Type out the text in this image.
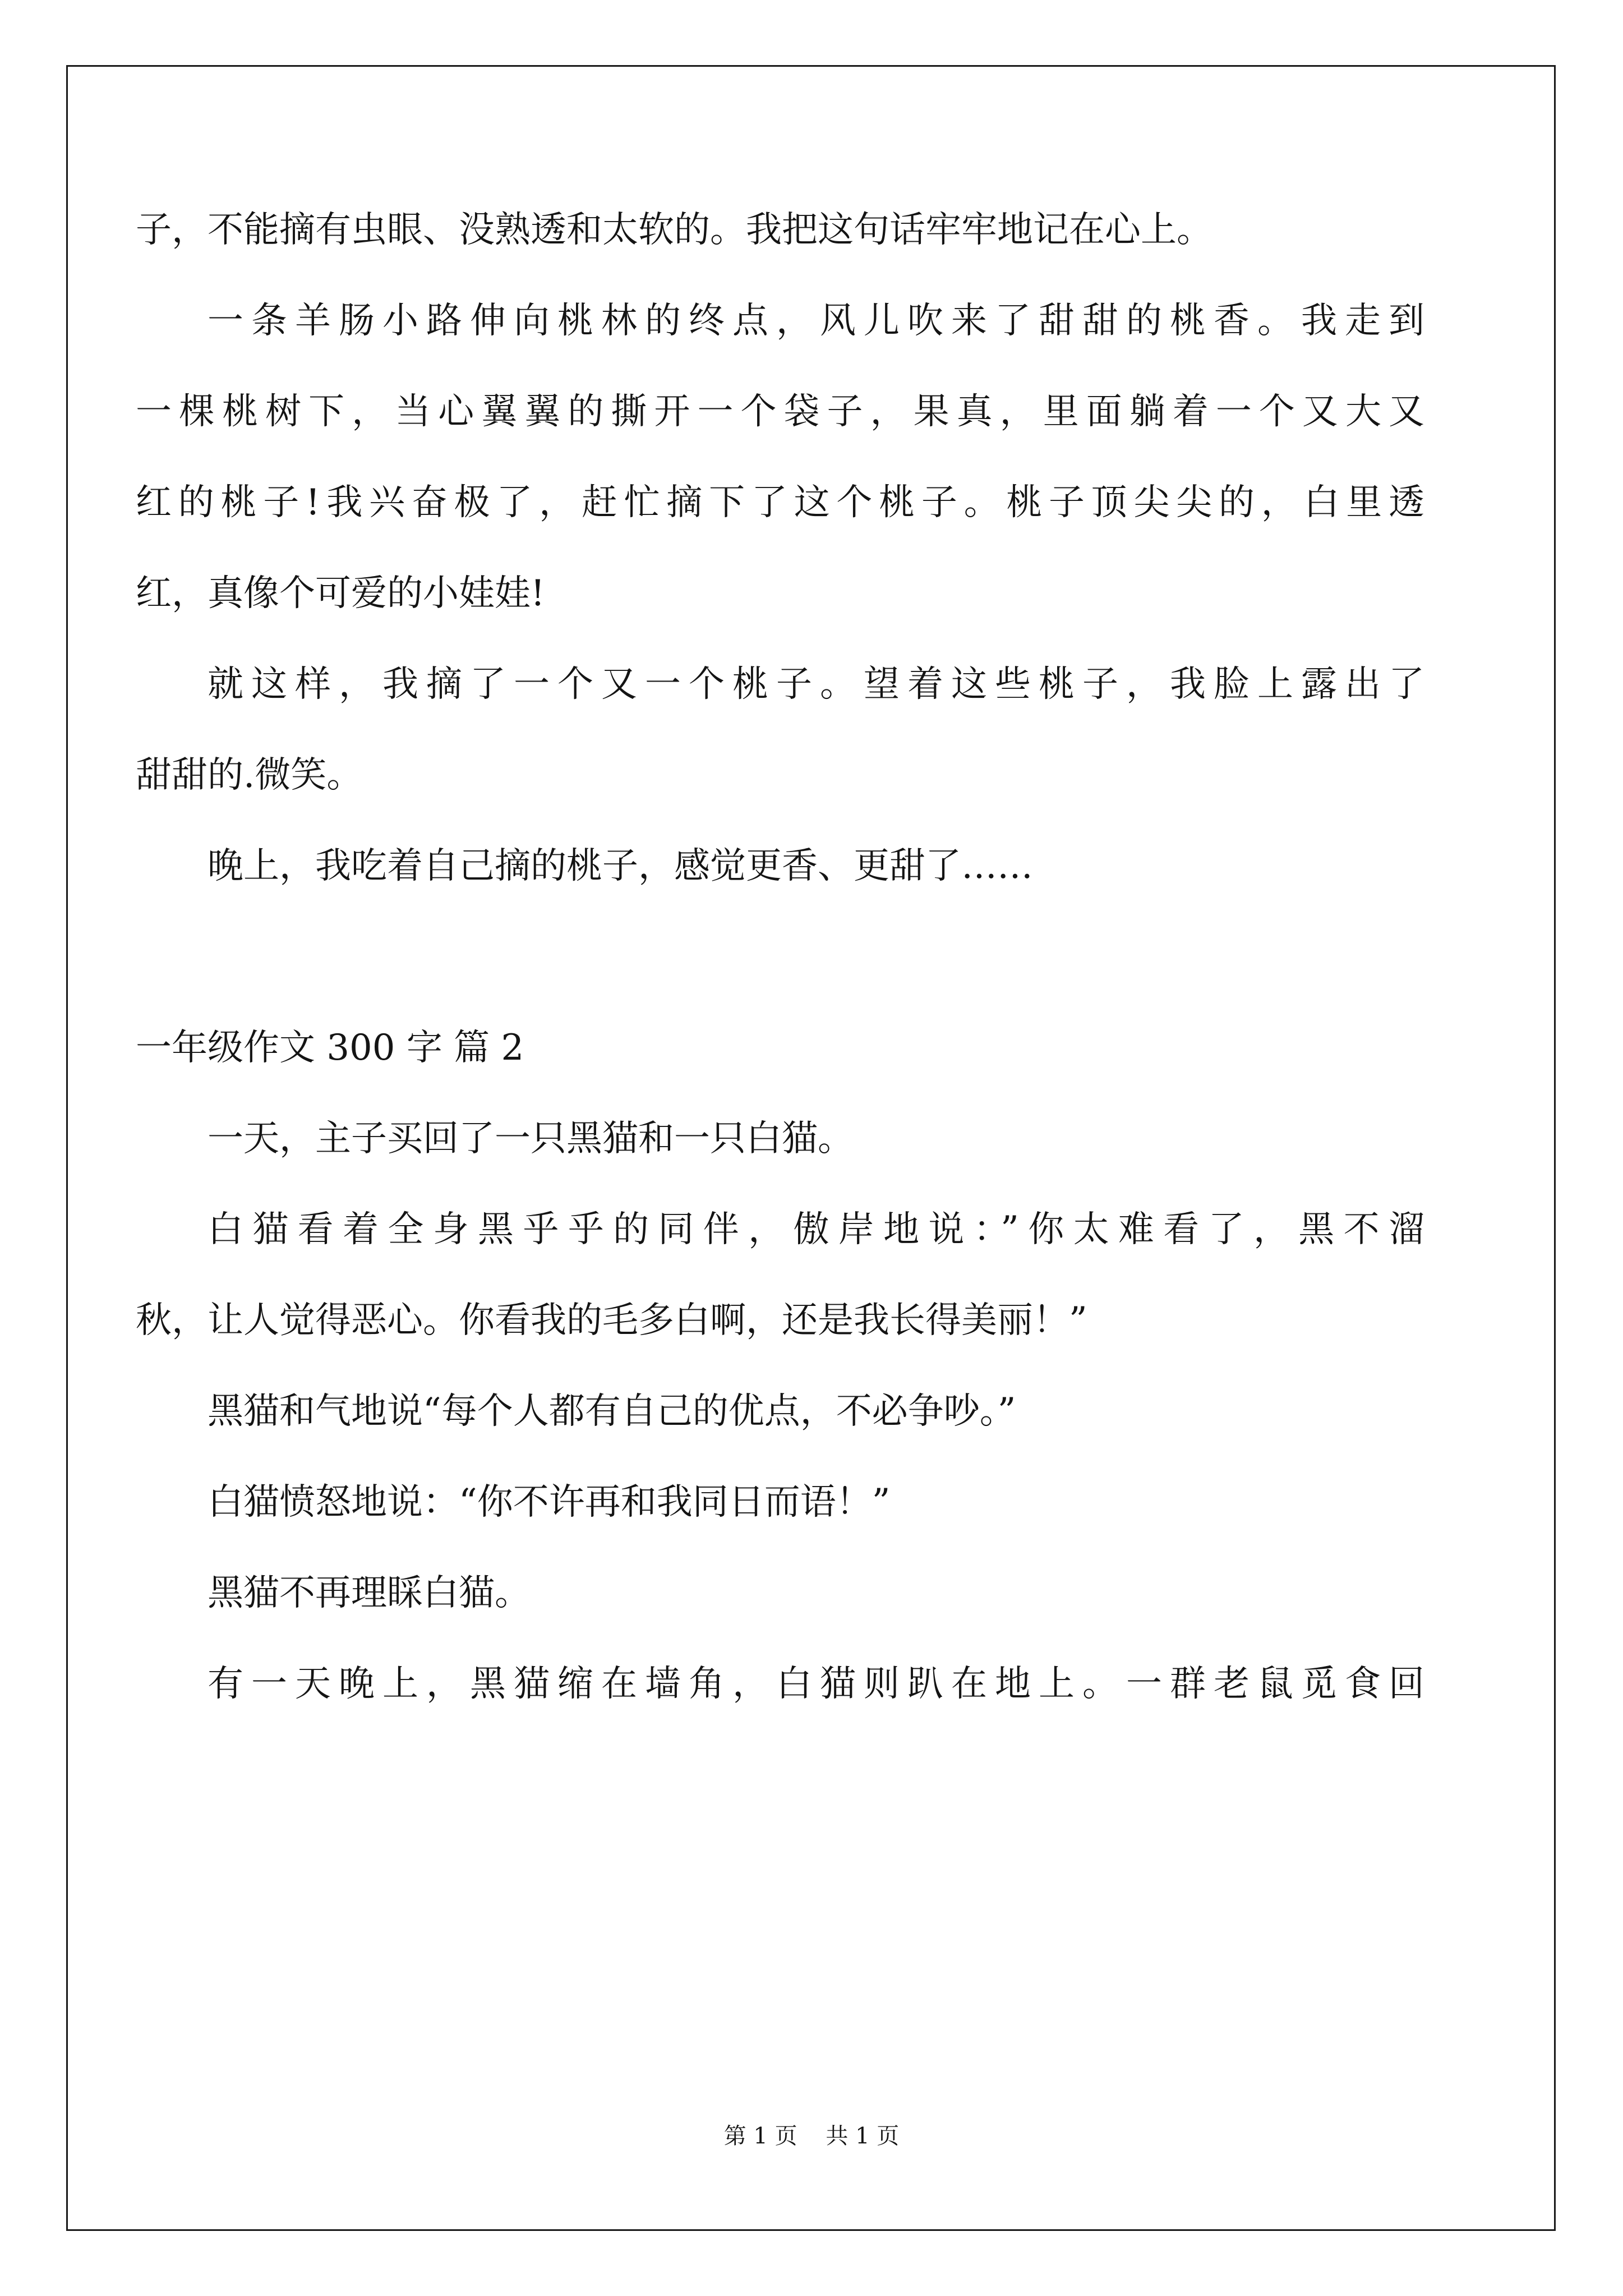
子，不能摘有虫眼、没熟透和太软的。我把这句话牢牢地记在心上。
一条羊肠小路伸向桃林的终点，风儿吹来了甜甜的桃香。我走到
一棵桃树下，当心翼翼的撕开一个袋子，果真，里面躺着一个又大又
红的桃子!我兴奋极了，赶忙摘下了这个桃子。桃子顶尖尖的，白里透
红，真像个可爱的小娃娃!
就这样，我摘了一个又一个桃子。望着这些桃子，我脸上露出了
甜甜的.微笑。
晚上，我吃着自己摘的桃子，感觉更香、更甜了……
一年级作文 300 字 篇 2
一天，主子买回了一只黑猫和一只白猫。
白猫看着全身黑乎乎的同伴，傲岸地说：”你太难看了，黑不溜
秋，让人觉得恶心。你看我的毛多白啊，还是我长得美丽！”
黑猫和气地说“每个人都有自己的优点，不必争吵。”
白猫愤怒地说：“你不许再和我同日而语！”
黑猫不再理睬白猫。
有一天晚上，黑猫缩在墙角，白猫则趴在地上。一群老鼠觅食回
第 1 页    共 1 页
